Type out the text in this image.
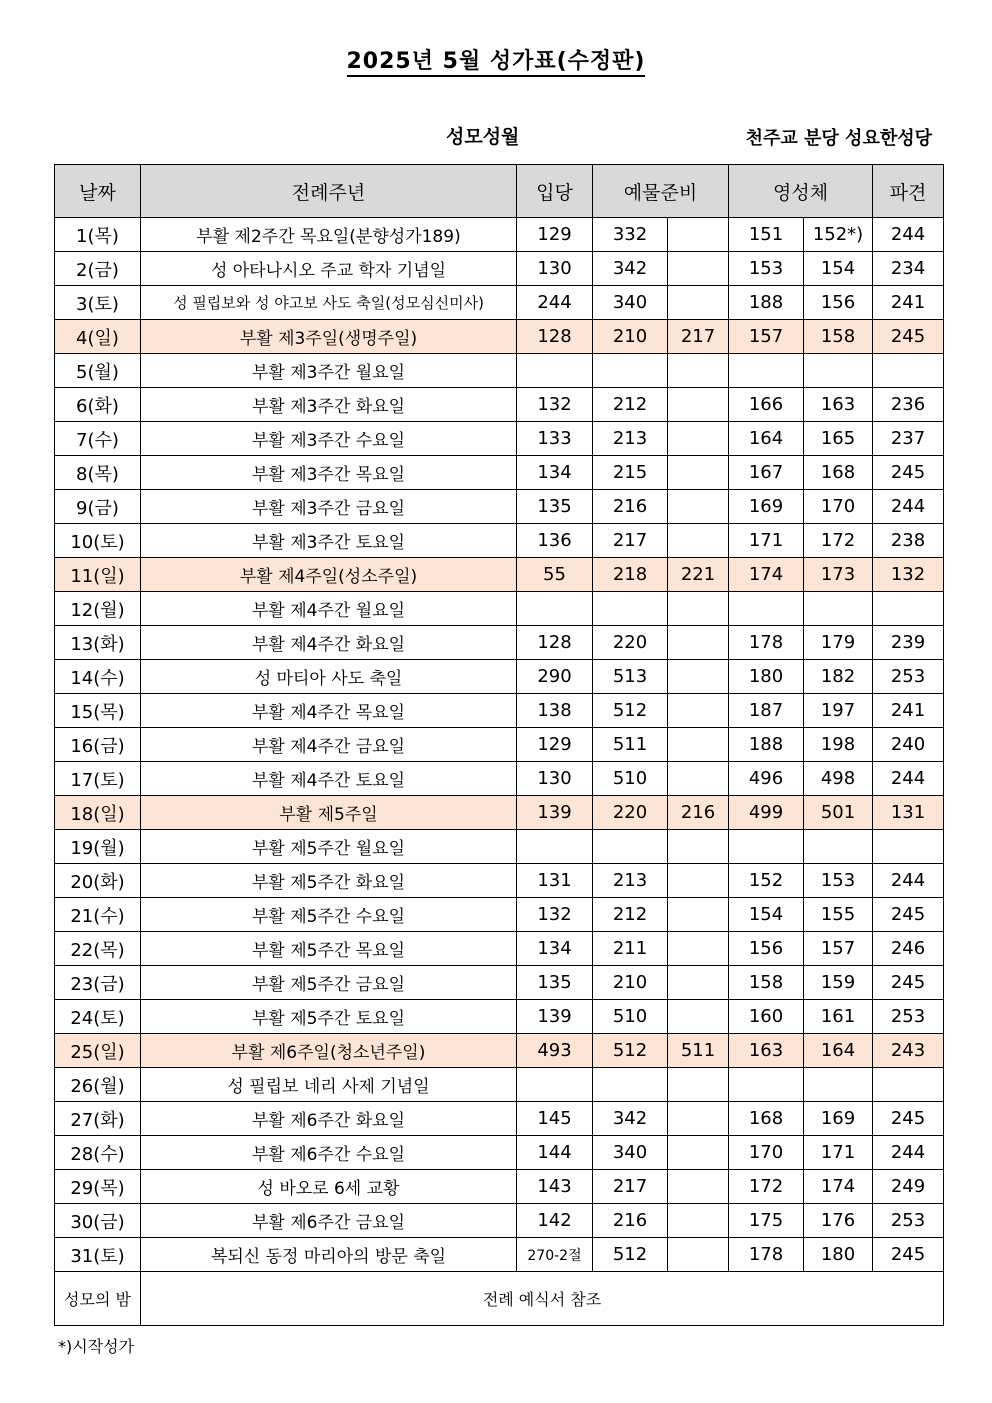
2025년 5월 성가표(수정판)
성모성월	천주교 분당 성요한성당
날짜	전례주년	입당	예물준비		영성체		파견
1(목)	부활 제2주간 목요일(분향성가189)	129	332		151	152*)	244
2(금)	성 아타나시오 주교 학자 기념일	130	342		153	154	234
3(토)	성 필립보와 성 야고보 사도 축일(성모심신미사)	244	340		188	156	241
4(일)	부활 제3주일(생명주일)	128	210	217	157	158	245
5(월)	부활 제3주간 월요일						
6(화)	부활 제3주간 화요일	132	212		166	163	236
7(수)	부활 제3주간 수요일	133	213		164	165	237
8(목)	부활 제3주간 목요일	134	215		167	168	245
9(금)	부활 제3주간 금요일	135	216		169	170	244
10(토)	부활 제3주간 토요일	136	217		171	172	238
11(일)	부활 제4주일(성소주일)	55	218	221	174	173	132
12(월)	부활 제4주간 월요일						
13(화)	부활 제4주간 화요일	128	220		178	179	239
14(수)	성 마티아 사도 축일	290	513		180	182	253
15(목)	부활 제4주간 목요일	138	512		187	197	241
16(금)	부활 제4주간 금요일	129	511		188	198	240
17(토)	부활 제4주간 토요일	130	510		496	498	244
18(일)	부활 제5주일	139	220	216	499	501	131
19(월)	부활 제5주간 월요일						
20(화)	부활 제5주간 화요일	131	213		152	153	244
21(수)	부활 제5주간 수요일	132	212		154	155	245
22(목)	부활 제5주간 목요일	134	211		156	157	246
23(금)	부활 제5주간 금요일	135	210		158	159	245
24(토)	부활 제5주간 토요일	139	510		160	161	253
25(일)	부활 제6주일(청소년주일)	493	512	511	163	164	243
26(월)	성 필립보 네리 사제 기념일						
27(화)	부활 제6주간 화요일	145	342		168	169	245
28(수)	부활 제6주간 수요일	144	340		170	171	244
29(목)	성 바오로 6세 교황	143	217		172	174	249
30(금)	부활 제6주간 금요일	142	216		175	176	253
31(토)	복되신 동정 마리아의 방문 축일	270-2절	512		178	180	245
성모의 밤	전례 예식서 참조						
*)시작성가
